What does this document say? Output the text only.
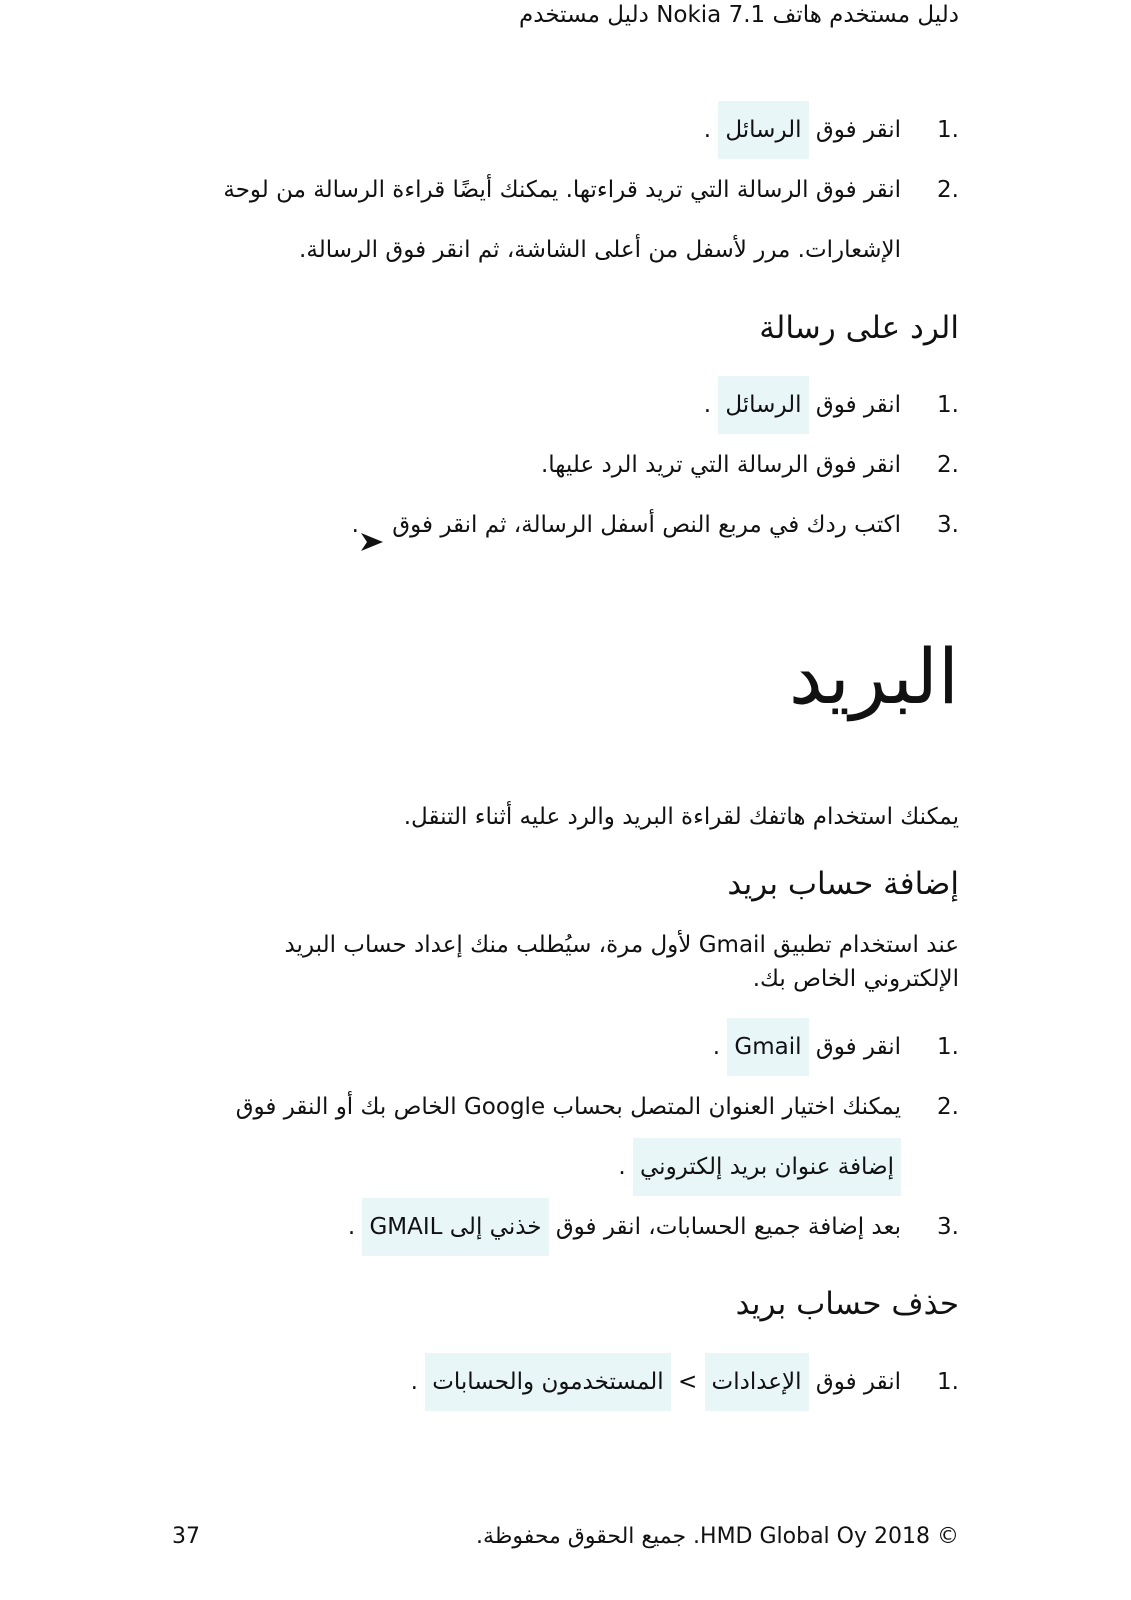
دليل مستخدم هاتف Nokia 7.1 دليل مستخدم
1.
انقر فوق الرسائل .
2.
انقر فوق الرسالة التي تريد قراءتها. يمكنك أيضًا قراءة الرسالة من لوحة
الإشعارات. مرر لأسفل من أعلى الشاشة، ثم انقر فوق الرسالة.
الرد على رسالة
1.
انقر فوق الرسائل .
2.
انقر فوق الرسالة التي تريد الرد عليها.
3.
اكتب ردك في مربع النص أسفل الرسالة، ثم انقر فوق .
البريد
يمكنك استخدام هاتفك لقراءة البريد والرد عليه أثناء التنقل.
إضافة حساب بريد
عند استخدام تطبيق Gmail لأول مرة، سيُطلب منك إعداد حساب البريد الإلكتروني الخاص بك.
1.
انقر فوق Gmail .
2.
يمكنك اختيار العنوان المتصل بحساب Google الخاص بك أو النقر فوق
إضافة عنوان بريد إلكتروني .
3.
بعد إضافة جميع الحسابات، انقر فوق خذني إلى GMAIL .
حذف حساب بريد
1.
انقر فوق الإعدادات > المستخدمون والحسابات .
© 2018 HMD Global Oy. جميع الحقوق محفوظة.
37
